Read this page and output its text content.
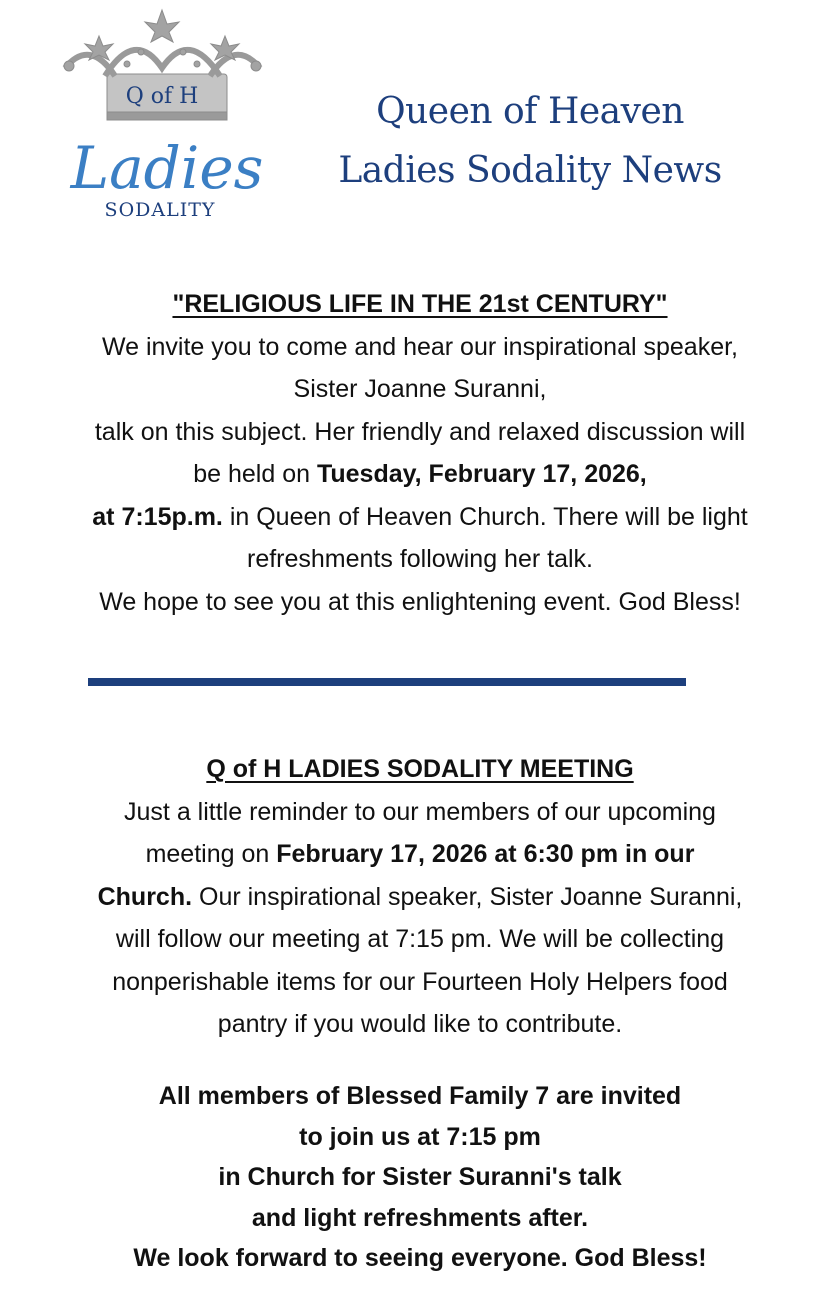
Q of H
Ladies
SODALITY
Queen of Heaven
Ladies Sodality News

"RELIGIOUS LIFE IN THE 21st CENTURY"

We invite you to come and hear our inspirational speaker,

Sister Joanne Suranni,

talk on this subject. Her friendly and relaxed discussion will

be held on Tuesday, February 17, 2026,

at 7:15p.m. in Queen of Heaven Church. There will be light

refreshments following her talk.

We hope to see you at this enlightening event. God Bless!

Q of H LADIES SODALITY MEETING

Just a little reminder to our members of our upcoming

meeting on February 17, 2026 at 6:30 pm in our

Church. Our inspirational speaker, Sister Joanne Suranni,

will follow our meeting at 7:15 pm. We will be collecting

nonperishable items for our Fourteen Holy Helpers food

pantry if you would like to contribute.

All members of Blessed Family 7 are invited

to join us at 7:15 pm

in Church for Sister Suranni's talk

and light refreshments after.

We look forward to seeing everyone. God Bless!
